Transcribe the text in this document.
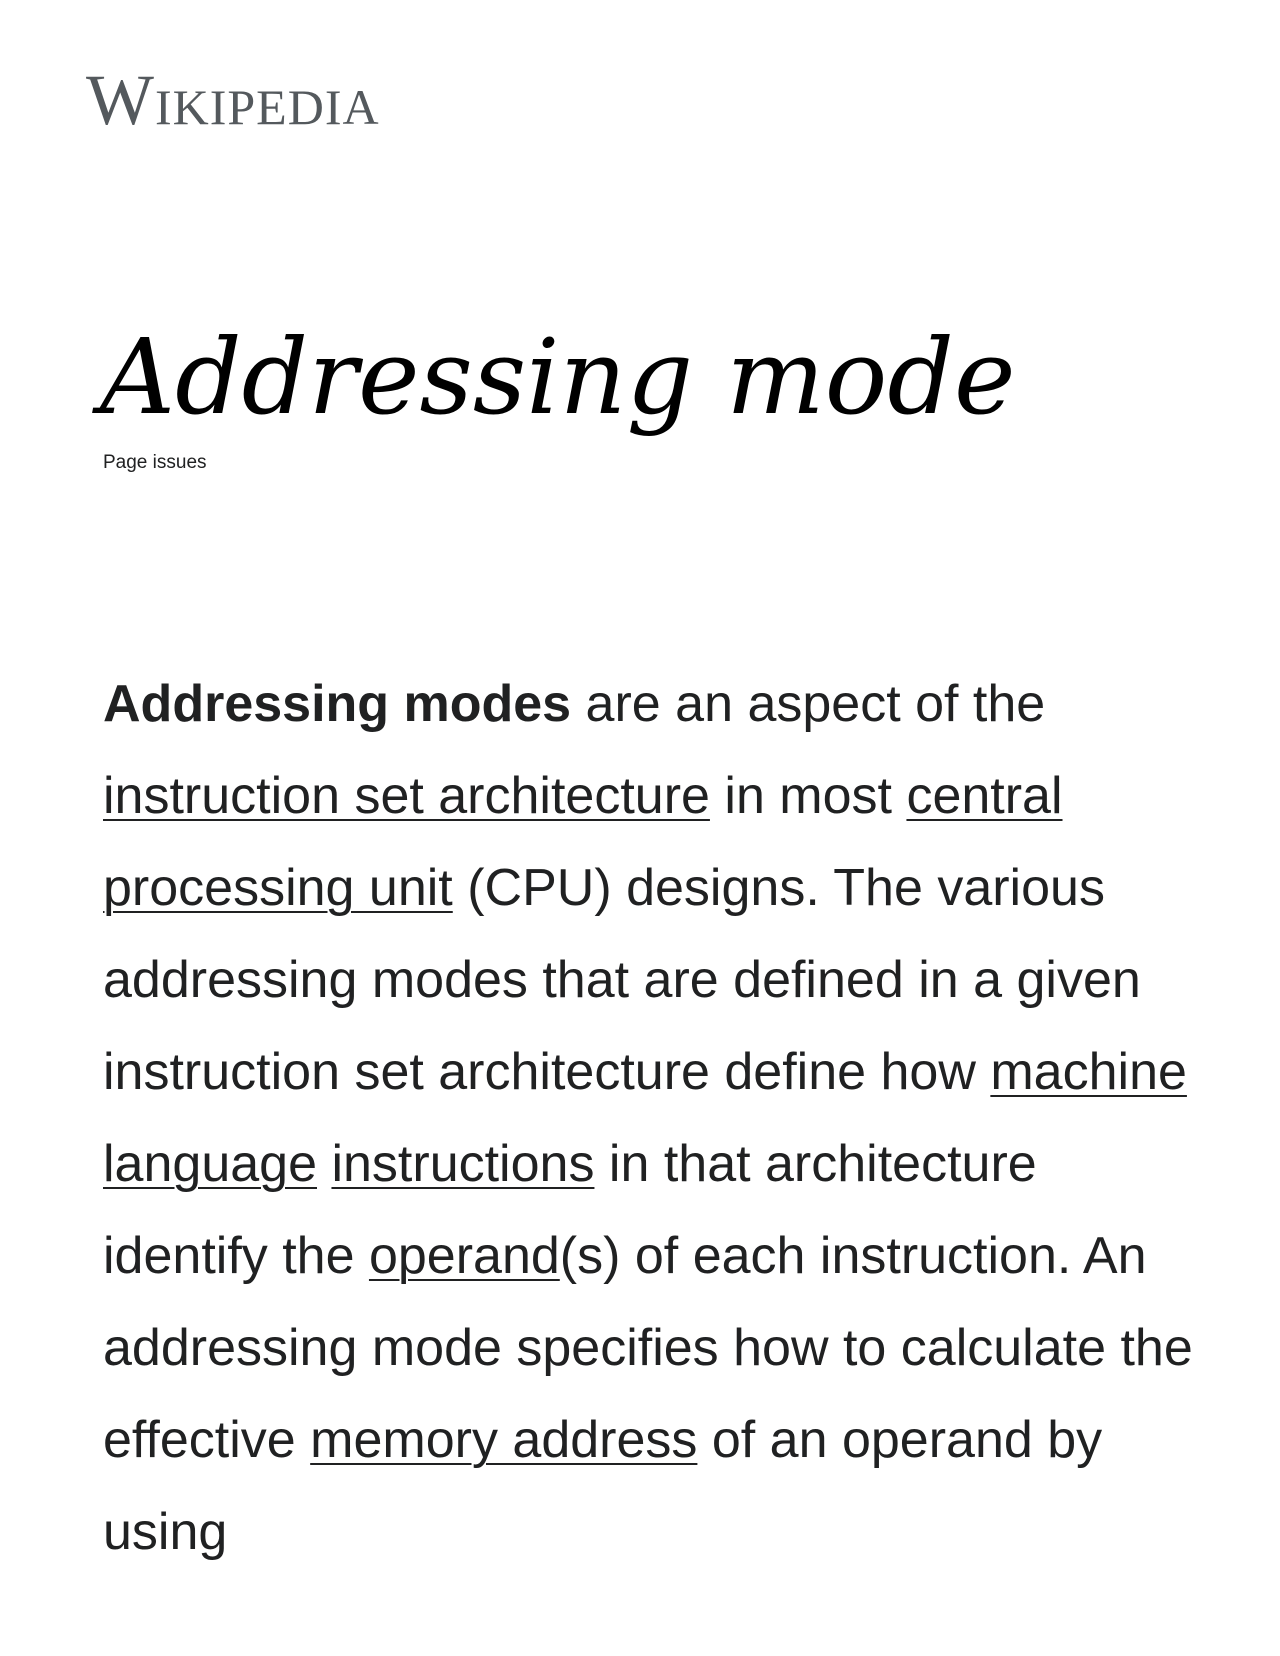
Wikipedia
Addressing mode
Page issues

Addressing modes are an aspect of the instruction set architecture in most central processing unit (CPU) designs. The various addressing modes that are defined in a given instruction set architecture define how machine language instructions in that architecture identify the operand(s) of each instruction. An addressing mode specifies how to calculate the effective memory address of an operand by using
